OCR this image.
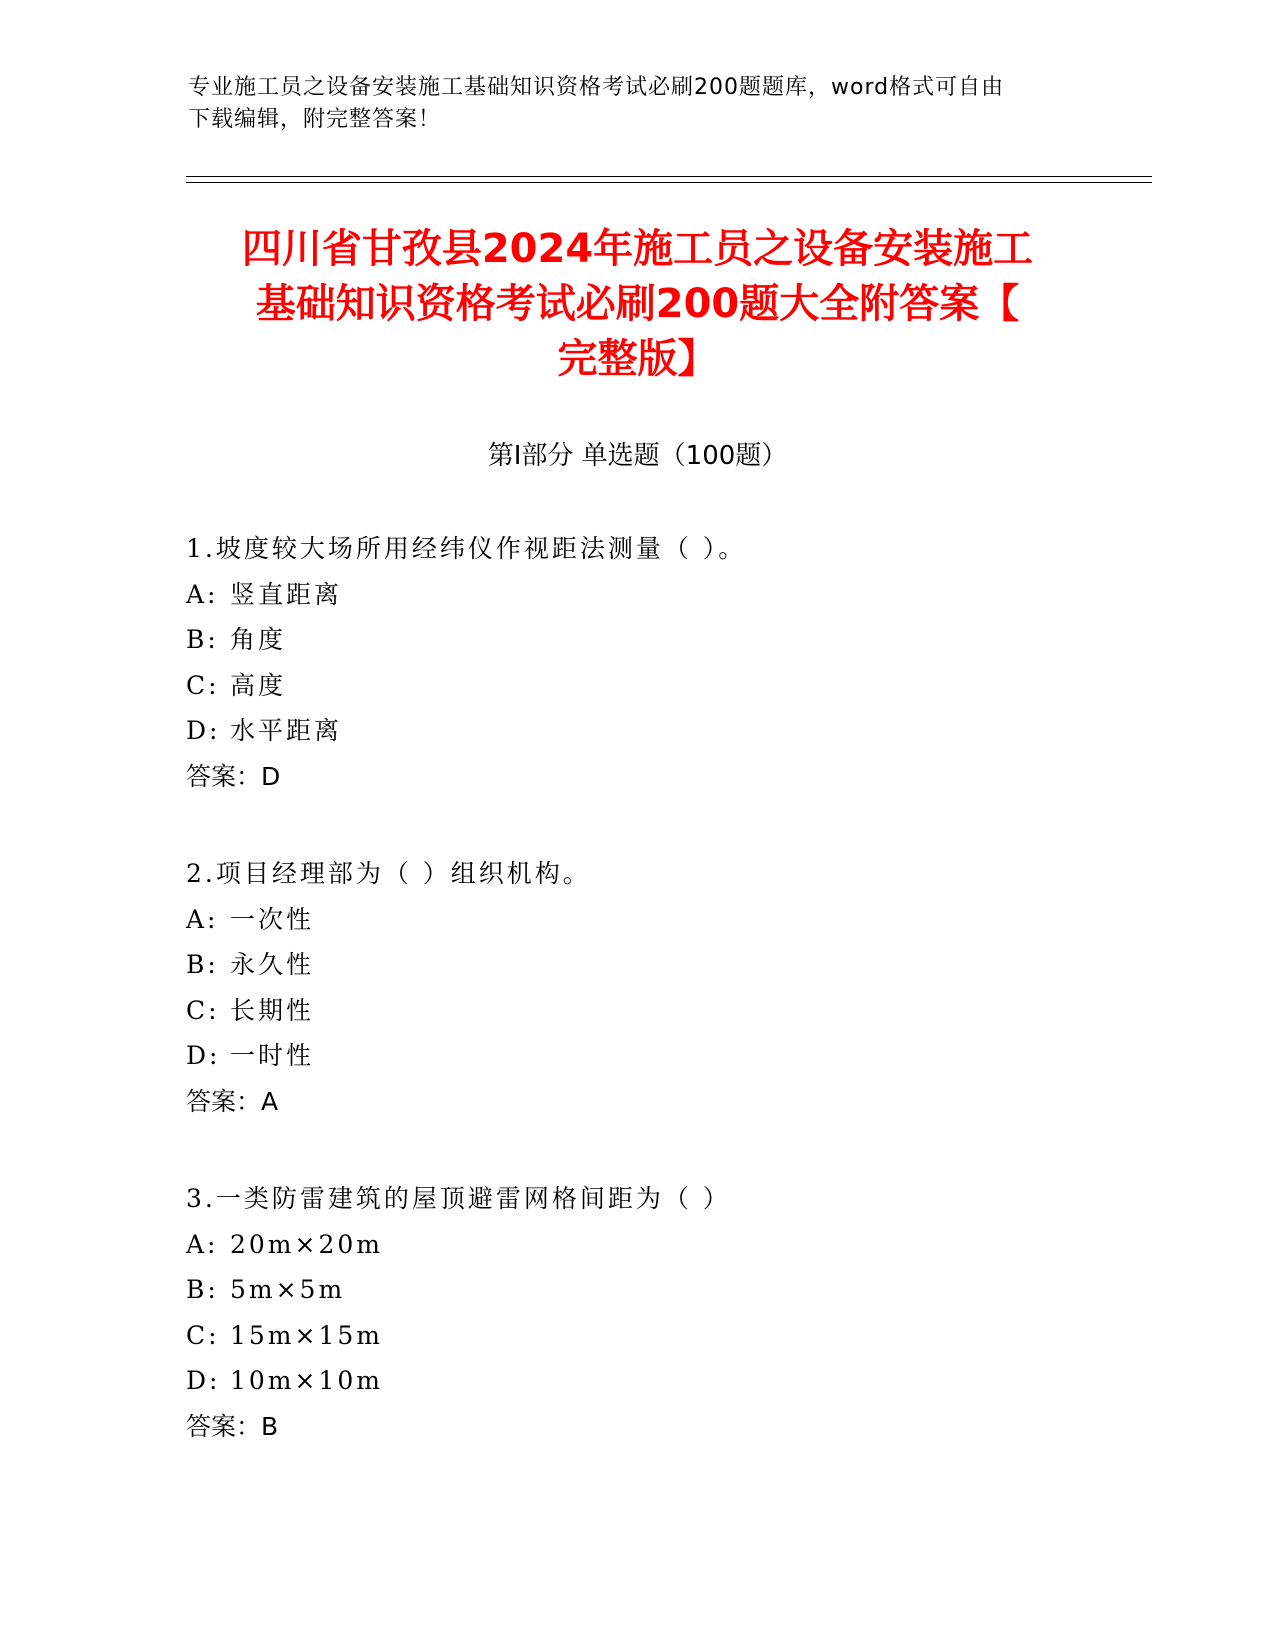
专业施工员之设备安装施工基础知识资格考试必刷200题题库，word格式可自由
下载编辑，附完整答案！
四川省甘孜县2024年施工员之设备安装施工
基础知识资格考试必刷200题大全附答案【
完整版】
第Ⅰ部分 单选题（100题）
1.坡度较大场所用经纬仪作视距法测量（ ）。
A: 竖直距离
B: 角度
C: 高度
D: 水平距离
答案：D
2.项目经理部为（ ）组织机构。
A: 一次性
B: 永久性
C: 长期性
D: 一时性
答案：A
3.一类防雷建筑的屋顶避雷网格间距为（ ）
A: 20m×20m
B: 5m×5m
C: 15m×15m
D: 10m×10m
答案：B
